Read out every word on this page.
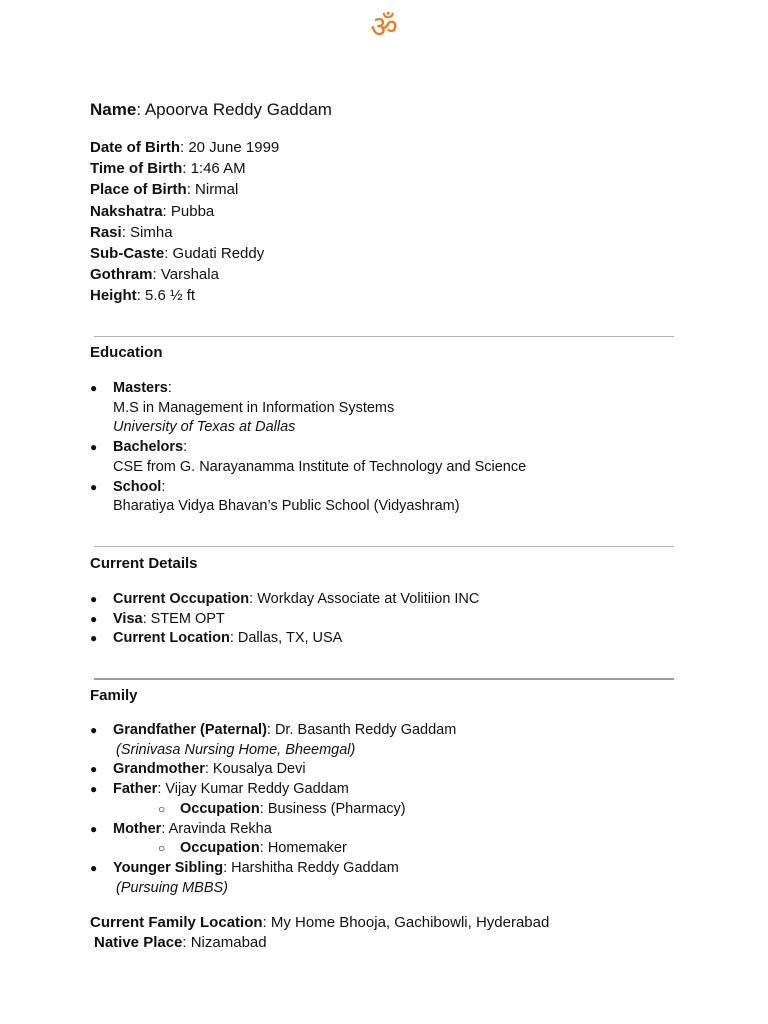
ॐ
Name: Apoorva Reddy Gaddam
Date of Birth: 20 June 1999
Time of Birth: 1:46 AM
Place of Birth: Nirmal
Nakshatra: Pubba
Rasi: Simha
Sub-Caste: Gudati Reddy
Gothram: Varshala
Height: 5.6 ½ ft
Education
● Masters:
M.S in Management in Information Systems
University of Texas at Dallas
● Bachelors:
CSE from G. Narayanamma Institute of Technology and Science
● School:
Bharatiya Vidya Bhavan’s Public School (Vidyashram)
Current Details
● Current Occupation: Workday Associate at Volitiion INC
● Visa: STEM OPT
● Current Location: Dallas, TX, USA
Family
● Grandfather (Paternal): Dr. Basanth Reddy Gaddam
(Srinivasa Nursing Home, Bheemgal)
● Grandmother: Kousalya Devi
● Father: Vijay Kumar Reddy Gaddam
○ Occupation: Business (Pharmacy)
● Mother: Aravinda Rekha
○ Occupation: Homemaker
● Younger Sibling: Harshitha Reddy Gaddam
(Pursuing MBBS)
Current Family Location: My Home Bhooja, Gachibowli, Hyderabad
Native Place: Nizamabad
